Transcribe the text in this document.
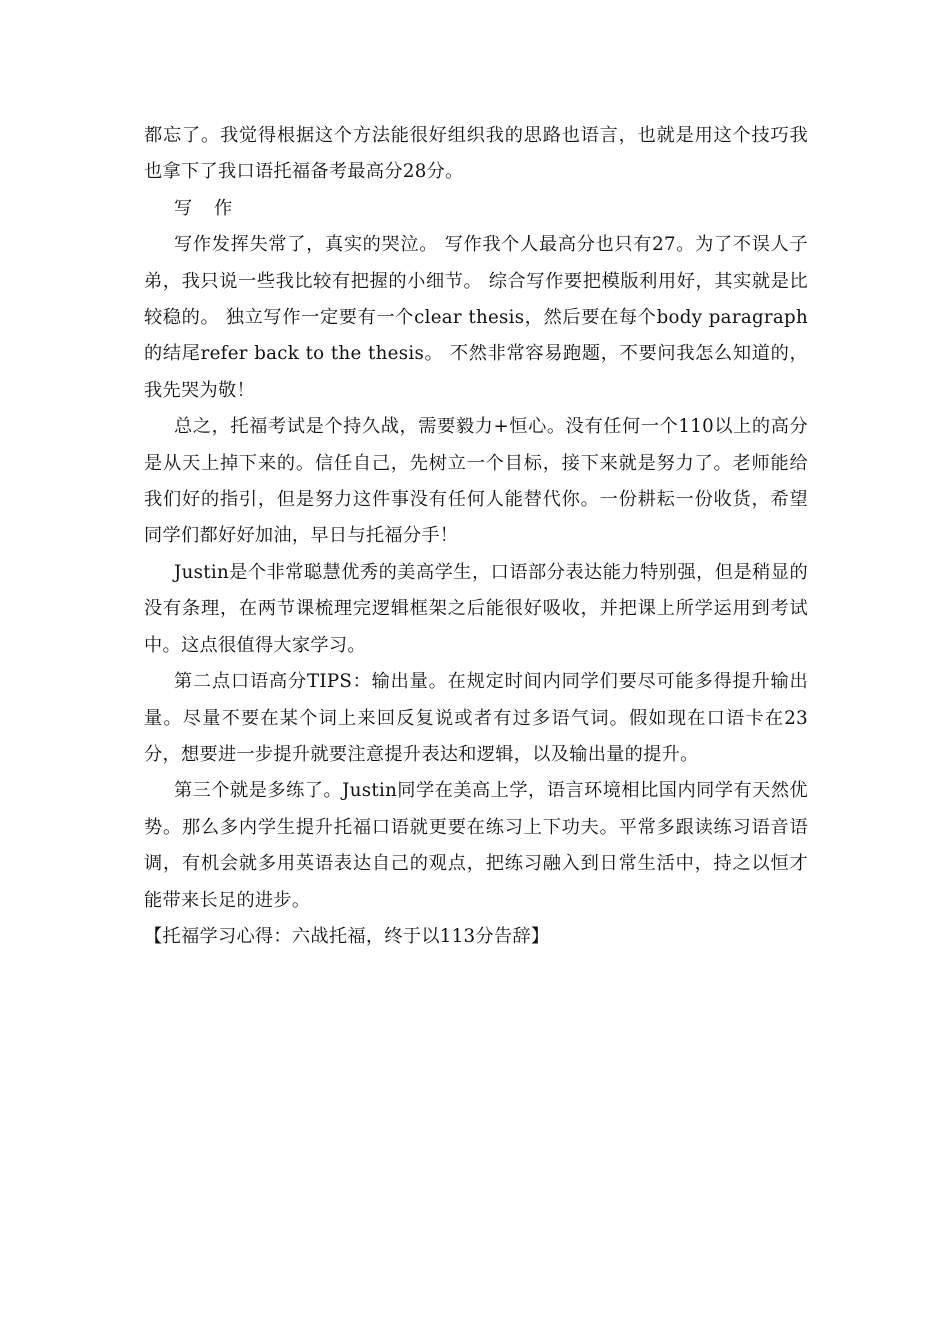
都忘了。我觉得根据这个方法能很好组织我的思路也语言，也就是用这个技巧我也拿下了我口语托福备考最高分28分。

写 作

写作发挥失常了，真实的哭泣。 写作我个人最高分也只有27。为了不误人子弟，我只说一些我比较有把握的小细节。 综合写作要把模版利用好，其实就是比较稳的。 独立写作一定要有一个clear thesis，然后要在每个body paragraph 的结尾refer back to the thesis。 不然非常容易跑题，不要问我怎么知道的，我先哭为敬！

总之，托福考试是个持久战，需要毅力+恒心。没有任何一个110以上的高分是从天上掉下来的。信任自己，先树立一个目标，接下来就是努力了。老师能给我们好的指引，但是努力这件事没有任何人能替代你。一份耕耘一份收货，希望同学们都好好加油，早日与托福分手！

Justin是个非常聪慧优秀的美高学生，口语部分表达能力特别强，但是稍显的没有条理，在两节课梳理完逻辑框架之后能很好吸收，并把课上所学运用到考试中。这点很值得大家学习。

第二点口语高分TIPS：输出量。在规定时间内同学们要尽可能多得提升输出量。尽量不要在某个词上来回反复说或者有过多语气词。假如现在口语卡在23分，想要进一步提升就要注意提升表达和逻辑，以及输出量的提升。

第三个就是多练了。Justin同学在美高上学，语言环境相比国内同学有天然优势。那么多内学生提升托福口语就更要在练习上下功夫。平常多跟读练习语音语调，有机会就多用英语表达自己的观点，把练习融入到日常生活中，持之以恒才能带来长足的进步。

【托福学习心得：六战托福，终于以113分告辞】
